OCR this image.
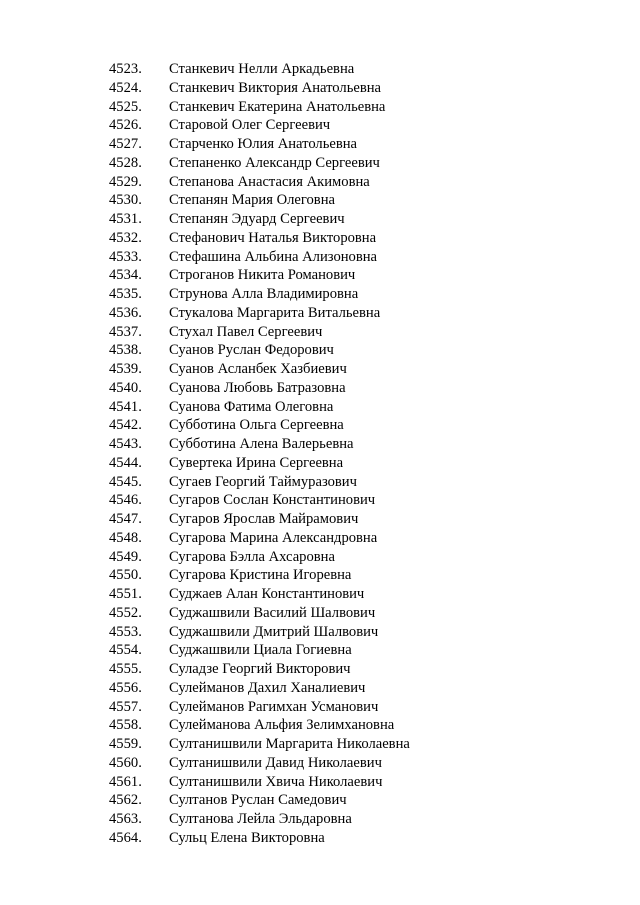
4523.	Станкевич Нелли Аркадьевна
4524.	Станкевич Виктория Анатольевна
4525.	Станкевич Екатерина Анатольевна
4526.	Старовой Олег Сергеевич
4527.	Старченко Юлия Анатольевна
4528.	Степаненко Александр Сергеевич
4529.	Степанова Анастасия Акимовна
4530.	Степанян Мария Олеговна
4531.	Степанян Эдуард Сергеевич
4532.	Стефанович Наталья Викторовна
4533.	Стефашина Альбина Ализоновна
4534.	Строганов Никита Романович
4535.	Струнова Алла Владимировна
4536.	Стукалова Маргарита Витальевна
4537.	Стухал Павел Сергеевич
4538.	Суанов Руслан Федорович
4539.	Суанов Асланбек Хазбиевич
4540.	Суанова Любовь Батразовна
4541.	Суанова Фатима Олеговна
4542.	Субботина Ольга Сергеевна
4543.	Субботина Алена Валерьевна
4544.	Сувертека Ирина Сергеевна
4545.	Сугаев Георгий Таймуразович
4546.	Сугаров Сослан Константинович
4547.	Сугаров Ярослав Майрамович
4548.	Сугарова Марина Александровна
4549.	Сугарова Бэлла Ахсаровна
4550.	Сугарова Кристина Игоревна
4551.	Суджаев Алан Константинович
4552.	Суджашвили Василий Шалвович
4553.	Суджашвили Дмитрий Шалвович
4554.	Суджашвили Циала Гогиевна
4555.	Суладзе Георгий Викторович
4556.	Сулейманов Дахил Ханалиевич
4557.	Сулейманов Рагимхан Усманович
4558.	Сулейманова Альфия Зелимхановна
4559.	Султанишвили Маргарита Николаевна
4560.	Султанишвили Давид Николаевич
4561.	Султанишвили Хвича Николаевич
4562.	Султанов Руслан Самедович
4563.	Султанова Лейла Эльдаровна
4564.	Сульц Елена Викторовна
